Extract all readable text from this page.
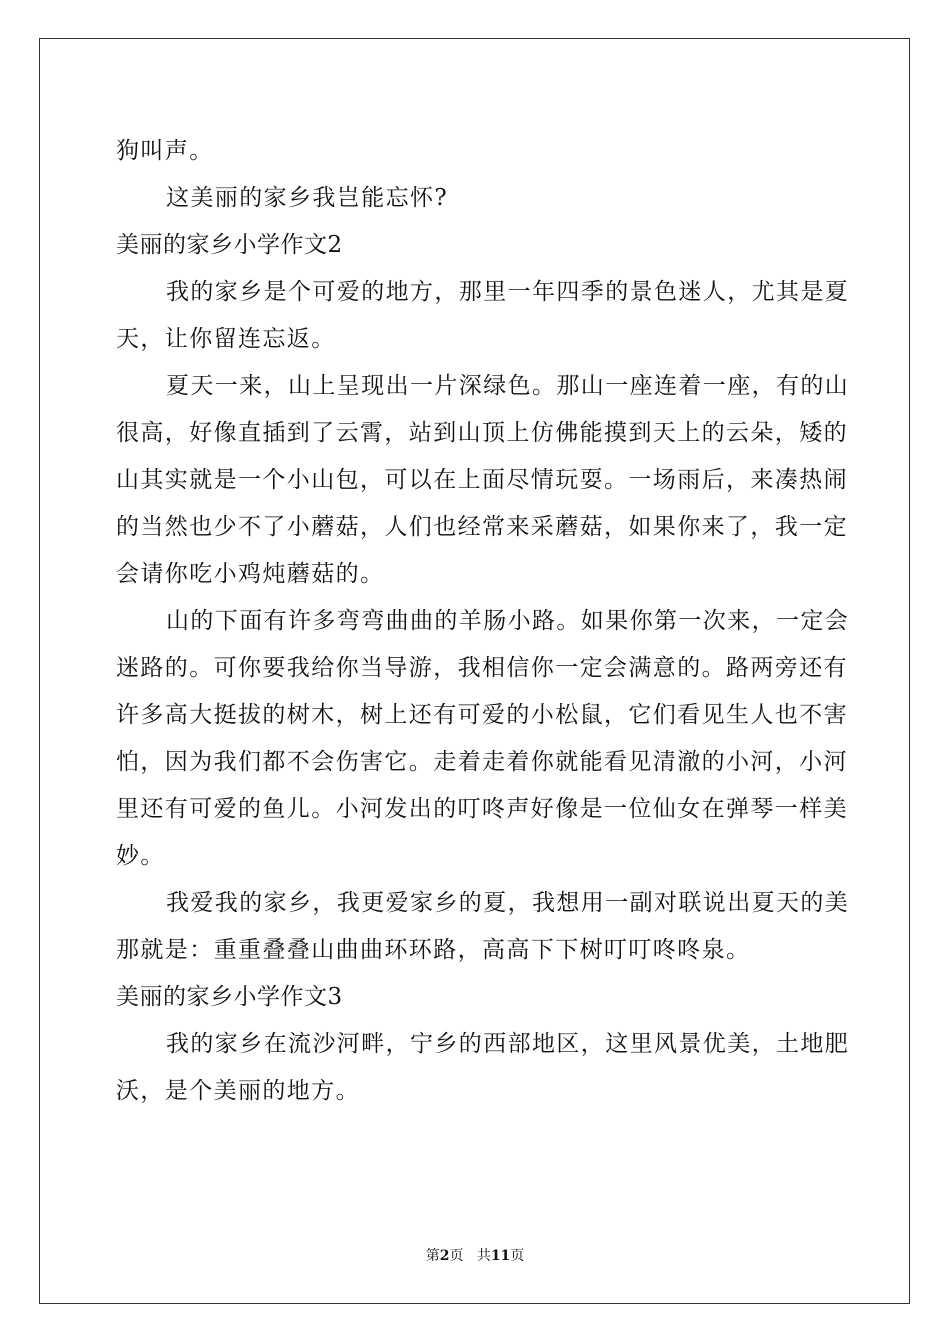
狗叫声。
这美丽的家乡我岂能忘怀?
美丽的家乡小学作文2
我的家乡是个可爱的地方，那里一年四季的景色迷人，尤其是夏
天，让你留连忘返。
夏天一来，山上呈现出一片深绿色。那山一座连着一座，有的山
很高，好像直插到了云霄，站到山顶上仿佛能摸到天上的云朵，矮的
山其实就是一个小山包，可以在上面尽情玩耍。一场雨后，来凑热闹
的当然也少不了小蘑菇，人们也经常来采蘑菇，如果你来了，我一定
会请你吃小鸡炖蘑菇的。
山的下面有许多弯弯曲曲的羊肠小路。如果你第一次来，一定会
迷路的。可你要我给你当导游，我相信你一定会满意的。路两旁还有
许多高大挺拔的树木，树上还有可爱的小松鼠，它们看见生人也不害
怕，因为我们都不会伤害它。走着走着你就能看见清澈的小河，小河
里还有可爱的鱼儿。小河发出的叮咚声好像是一位仙女在弹琴一样美
妙。
我爱我的家乡，我更爱家乡的夏，我想用一副对联说出夏天的美
那就是：重重叠叠山曲曲环环路，高高下下树叮叮咚咚泉。
美丽的家乡小学作文3
我的家乡在流沙河畔，宁乡的西部地区，这里风景优美，土地肥
沃，是个美丽的地方。
第2页 共11页
